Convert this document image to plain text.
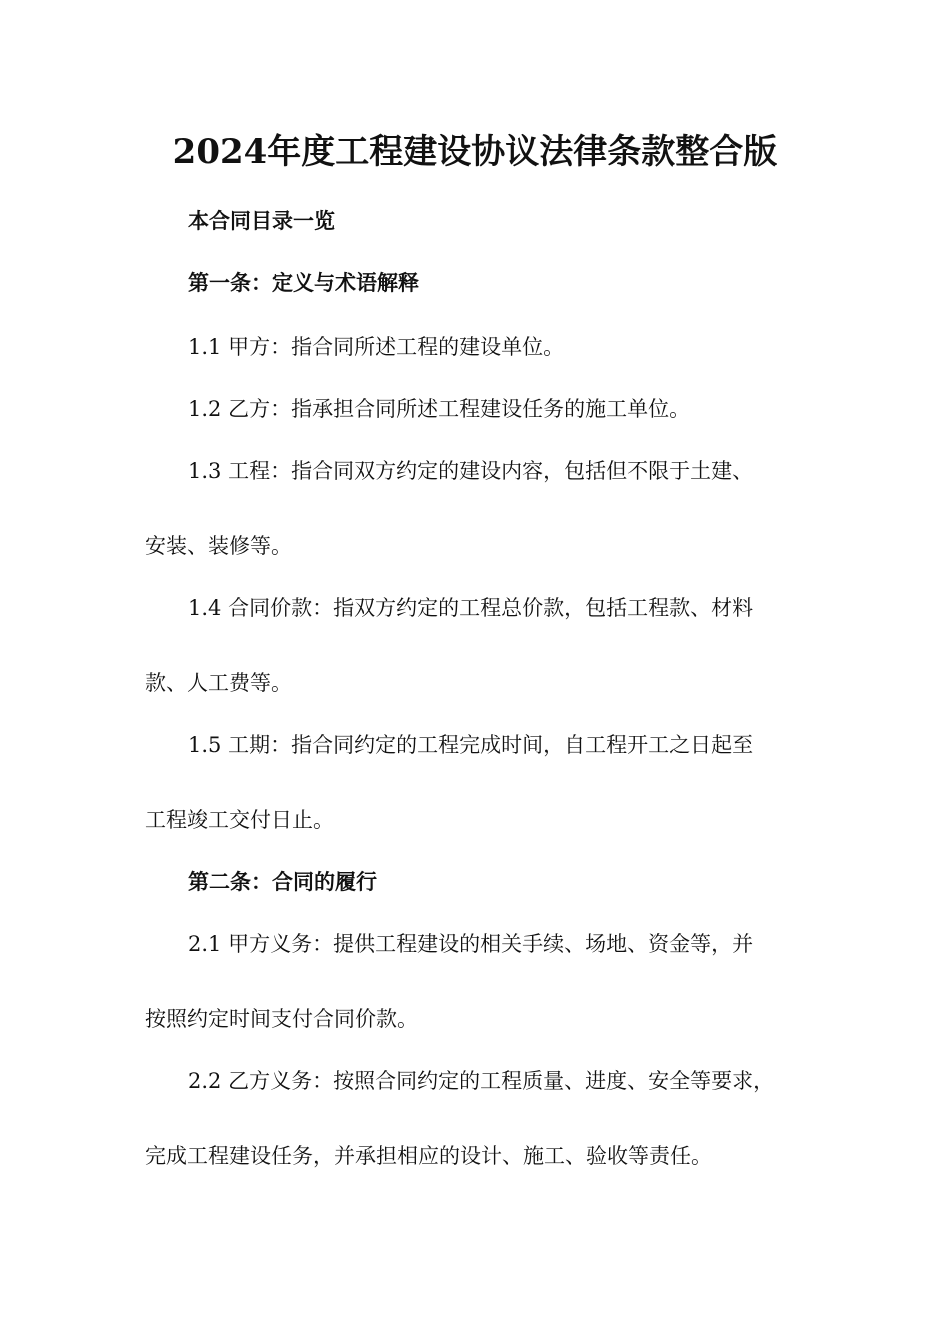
2024年度工程建设协议法律条款整合版
本合同目录一览
第一条：定义与术语解释
1.1 甲方：指合同所述工程的建设单位。
1.2 乙方：指承担合同所述工程建设任务的施工单位。
1.3 工程：指合同双方约定的建设内容，包括但不限于土建、
安装、装修等。
1.4 合同价款：指双方约定的工程总价款，包括工程款、材料
款、人工费等。
1.5 工期：指合同约定的工程完成时间，自工程开工之日起至
工程竣工交付日止。
第二条：合同的履行
2.1 甲方义务：提供工程建设的相关手续、场地、资金等，并
按照约定时间支付合同价款。
2.2 乙方义务：按照合同约定的工程质量、进度、安全等要求，
完成工程建设任务，并承担相应的设计、施工、验收等责任。
